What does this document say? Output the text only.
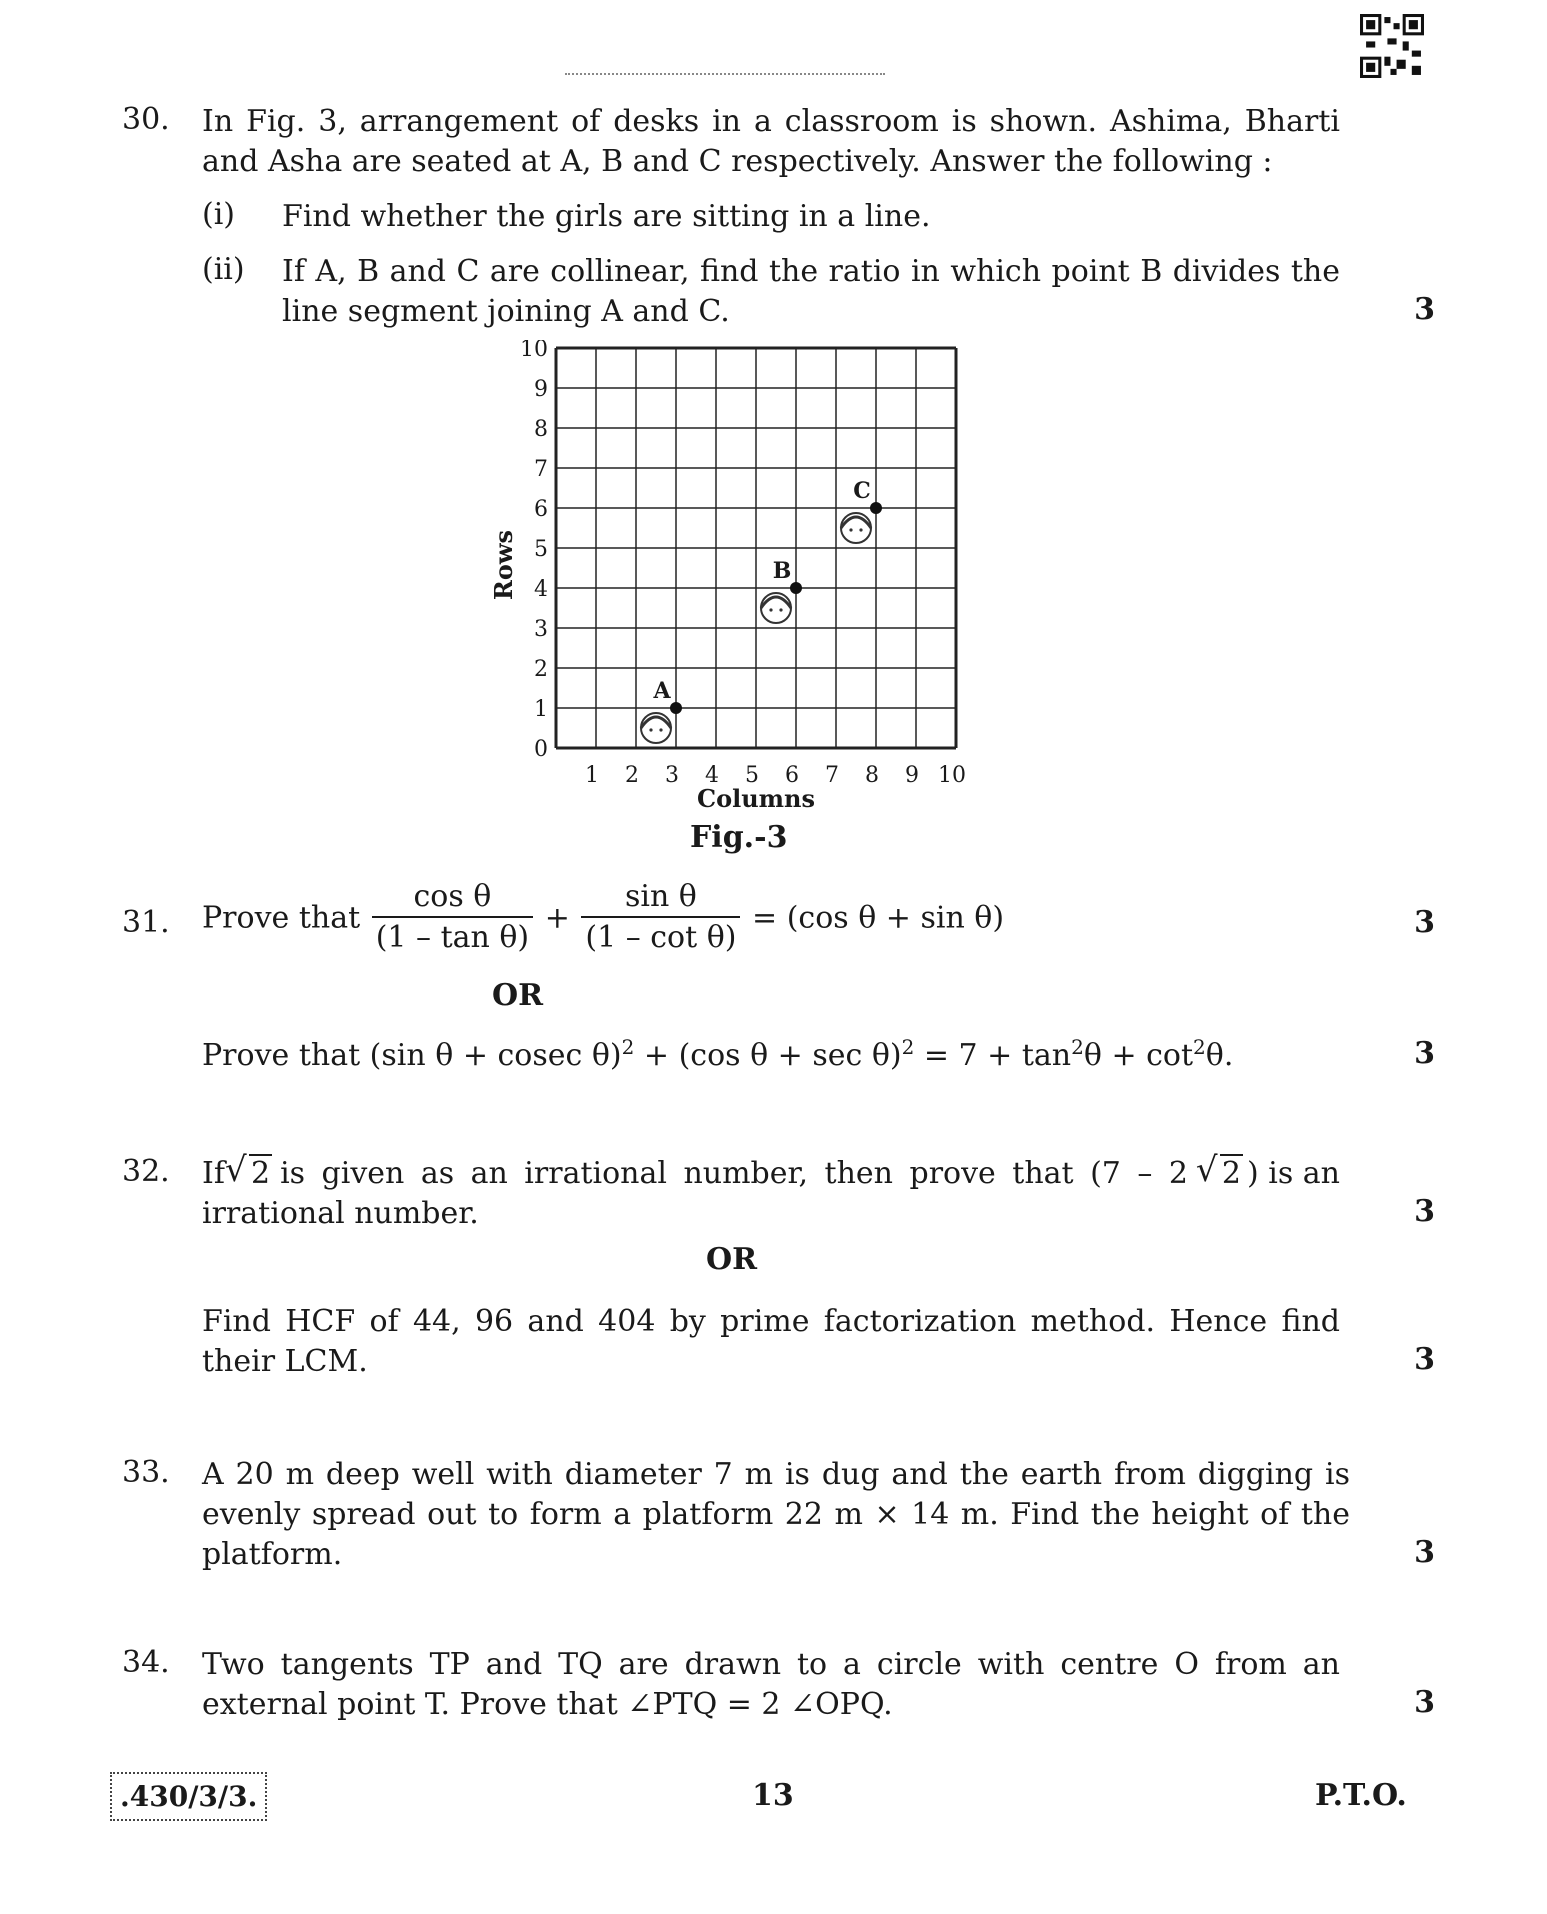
30. In Fig. 3, arrangement of desks in a classroom is shown. Ashima, Bharti
and Asha are seated at A, B and C respectively. Answer the following :
(i) Find whether the girls are sitting in a line.
(ii) If A, B and C are collinear, find the ratio in which point B divides the
line segment joining A and C.	3
0
1
2
3
4
5
6
7
8
9
10
1 2 3 4 5 6 7 8 9 10
A
B
C
Rows
Columns
Fig.-3
31. Prove that $\frac{\text{cos θ}}{\text{(1 – tan θ)}} + \frac{\text{sin θ}}{\text{(1 – cot θ)}} = (\cos$ θ + sin θ)	3
OR
Prove that (sin θ + cosec θ)$^2$ + (cos $\theta + \sec \theta)^2 = 7 + \tan^2\theta + \cot^2\theta$.	3
32. If √ 2 is given as an irrational number, then prove that (7 – 2	√ 2 ) is an
irrational number.	3
OR
Find HCF of 44, 96 and 404 by prime factorization method. Hence find
their LCM.	3
33. A 20 m deep well with diameter 7 m is dug and the earth from digging is
evenly spread out to form a platform 22 m × 14 m. Find the height of the
platform.	3
34. Two tangents TP and TQ are drawn to a circle with centre O from an
external point T. Prove that ∠PTQ = 2 ∠OPQ.	3
.430/3/3.	13	P.T.O.
